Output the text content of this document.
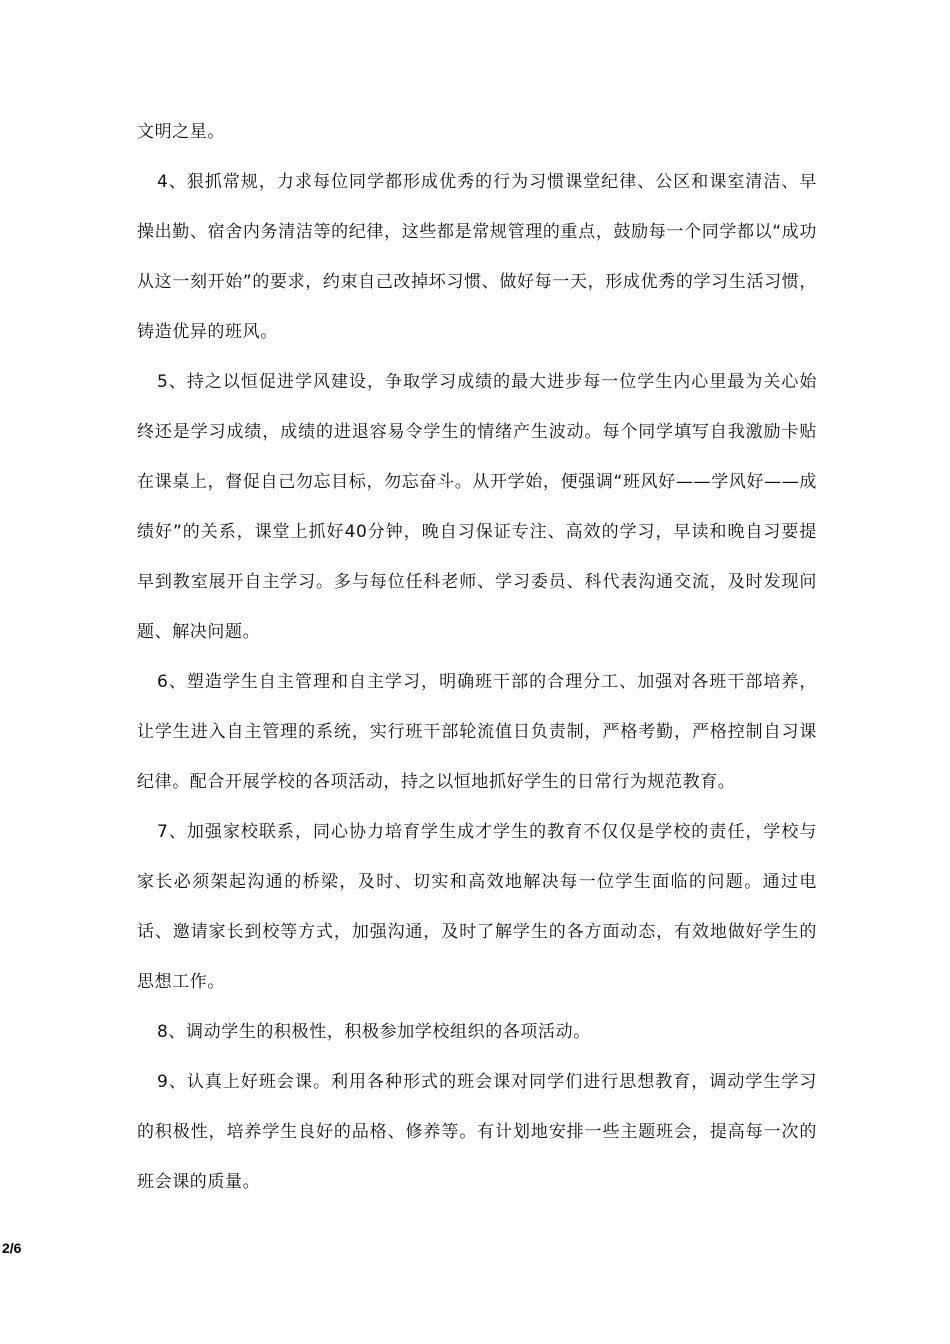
文明之星。

4、狠抓常规，力求每位同学都形成优秀的行为习惯课堂纪律、公区和课室清洁、早操出勤、宿舍内务清洁等的纪律，这些都是常规管理的重点，鼓励每一个同学都以“成功从这一刻开始”的要求，约束自己改掉坏习惯、做好每一天，形成优秀的学习生活习惯，铸造优异的班风。

5、持之以恒促进学风建设，争取学习成绩的最大进步每一位学生内心里最为关心始终还是学习成绩，成绩的进退容易令学生的情绪产生波动。每个同学填写自我激励卡贴在课桌上，督促自己勿忘目标，勿忘奋斗。从开学始，便强调“班风好——学风好——成绩好”的关系，课堂上抓好40分钟，晚自习保证专注、高效的学习，早读和晚自习要提早到教室展开自主学习。多与每位任科老师、学习委员、科代表沟通交流，及时发现问题、解决问题。

6、塑造学生自主管理和自主学习，明确班干部的合理分工、加强对各班干部培养，让学生进入自主管理的系统，实行班干部轮流值日负责制，严格考勤，严格控制自习课纪律。配合开展学校的各项活动，持之以恒地抓好学生的日常行为规范教育。

7、加强家校联系，同心协力培育学生成才学生的教育不仅仅是学校的责任，学校与家长必须架起沟通的桥梁，及时、切实和高效地解决每一位学生面临的问题。通过电话、邀请家长到校等方式，加强沟通，及时了解学生的各方面动态，有效地做好学生的思想工作。

8、调动学生的积极性，积极参加学校组织的各项活动。

9、认真上好班会课。利用各种形式的班会课对同学们进行思想教育，调动学生学习的积极性，培养学生良好的品格、修养等。有计划地安排一些主题班会，提高每一次的班会课的质量。

2/6
